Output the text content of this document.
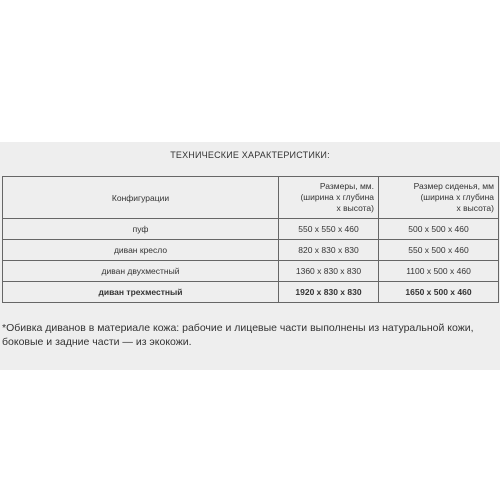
ТЕХНИЧЕСКИЕ ХАРАКТЕРИСТИКИ:
Конфигурации	Размеры, мм.
(ширина х глубина
х высота)	Размер сиденья, мм
(ширина х глубина
х высота)

пуф	550 х 550 х 460	500 х 500 х 460
диван кресло	820 х 830 х 830	550 х 500 х 460
диван двухместный	1360 х 830 х 830	1100 х 500 х 460
диван трехместный	1920 х 830 х 830	1650 х 500 х 460
*Обивка диванов в материале кожа: рабочие и лицевые части выполнены из натуральной кожи, боковые и задние части — из экокожи.
